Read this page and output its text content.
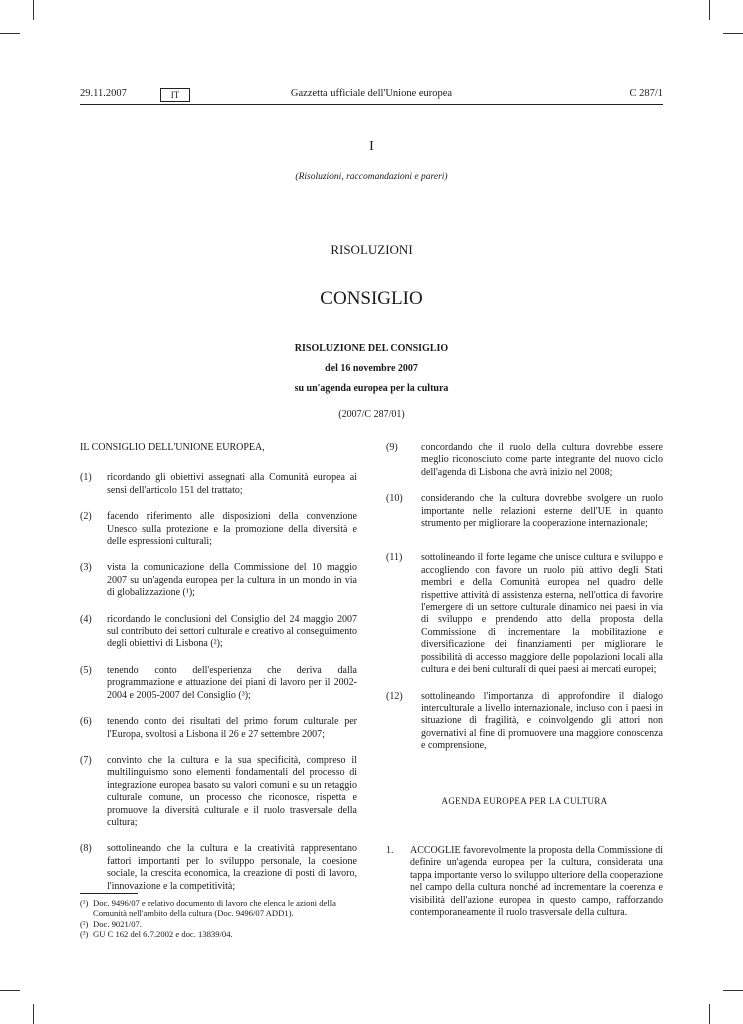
29.11.2007	IT	Gazzetta ufficiale dell'Unione europea	C 287/1
I
(Risoluzioni, raccomandazioni e pareri)
RISOLUZIONI
CONSIGLIO
RISOLUZIONE DEL CONSIGLIO
del 16 novembre 2007
su un'agenda europea per la cultura
(2007/C 287/01)
IL CONSIGLIO DELL'UNIONE EUROPEA,
(1) ricordando gli obiettivi assegnati alla Comunità europea ai sensi dell'articolo 151 del trattato;
(2) facendo riferimento alle disposizioni della convenzione Unesco sulla protezione e la promozione della diversità e delle espressioni culturali;
(3) vista la comunicazione della Commissione del 10 maggio 2007 su un'agenda europea per la cultura in un mondo in via di globalizzazione (¹);
(4) ricordando le conclusioni del Consiglio del 24 maggio 2007 sul contributo dei settori culturale e creativo al conseguimento degli obiettivi di Lisbona (²);
(5) tenendo conto dell'esperienza che deriva dalla programmazione e attuazione dei piani di lavoro per il 2002-2004 e 2005-2007 del Consiglio (³);
(6) tenendo conto dei risultati del primo forum culturale per l'Europa, svoltosi a Lisbona il 26 e 27 settembre 2007;
(7) convinto che la cultura e la sua specificità, compreso il multilinguismo sono elementi fondamentali del processo di integrazione europea basato su valori comuni e su un retaggio culturale comune, un processo che riconosce, rispetta e promuove la diversità culturale e il ruolo trasversale della cultura;
(8) sottolineando che la cultura e la creatività rappresentano fattori importanti per lo sviluppo personale, la coesione sociale, la crescita economica, la creazione di posti di lavoro, l'innovazione e la competitività;
(9) concordando che il ruolo della cultura dovrebbe essere meglio riconosciuto come parte integrante del nuovo ciclo dell'agenda di Lisbona che avrà inizio nel 2008;
(10) considerando che la cultura dovrebbe svolgere un ruolo importante nelle relazioni esterne dell'UE in quanto strumento per migliorare la cooperazione internazionale;
(11) sottolineando il forte legame che unisce cultura e sviluppo e accogliendo con favore un ruolo più attivo degli Stati membri e della Comunità europea nel quadro delle rispettive attività di assistenza esterna, nell'ottica di favorire l'emergere di un settore culturale dinamico nei paesi in via di sviluppo e prendendo atto della proposta della Commissione di incrementare la mobilitazione e diversificazione dei finanziamenti per migliorare le possibilità di accesso maggiore delle popolazioni locali alla cultura e dei beni culturali di quei paesi ai mercati europei;
(12) sottolineando l'importanza di approfondire il dialogo interculturale a livello internazionale, incluso con i paesi in situazione di fragilità, e coinvolgendo gli attori non governativi al fine di promuovere una maggiore conoscenza e comprensione,
AGENDA EUROPEA PER LA CULTURA
1. ACCOGLIE favorevolmente la proposta della Commissione di definire un'agenda europea per la cultura, considerata una tappa importante verso lo sviluppo ulteriore della cooperazione nel campo della cultura nonché ad incrementare la coerenza e visibilità dell'azione europea in questo campo, rafforzando contemporaneamente il ruolo trasversale della cultura.
(¹) Doc. 9496/07 e relativo documento di lavoro che elenca le azioni della Comunità nell'ambito della cultura (Doc. 9496/07 ADD1).
(²) Doc. 9021/07.
(³) GU C 162 del 6.7.2002 e doc. 13839/04.
